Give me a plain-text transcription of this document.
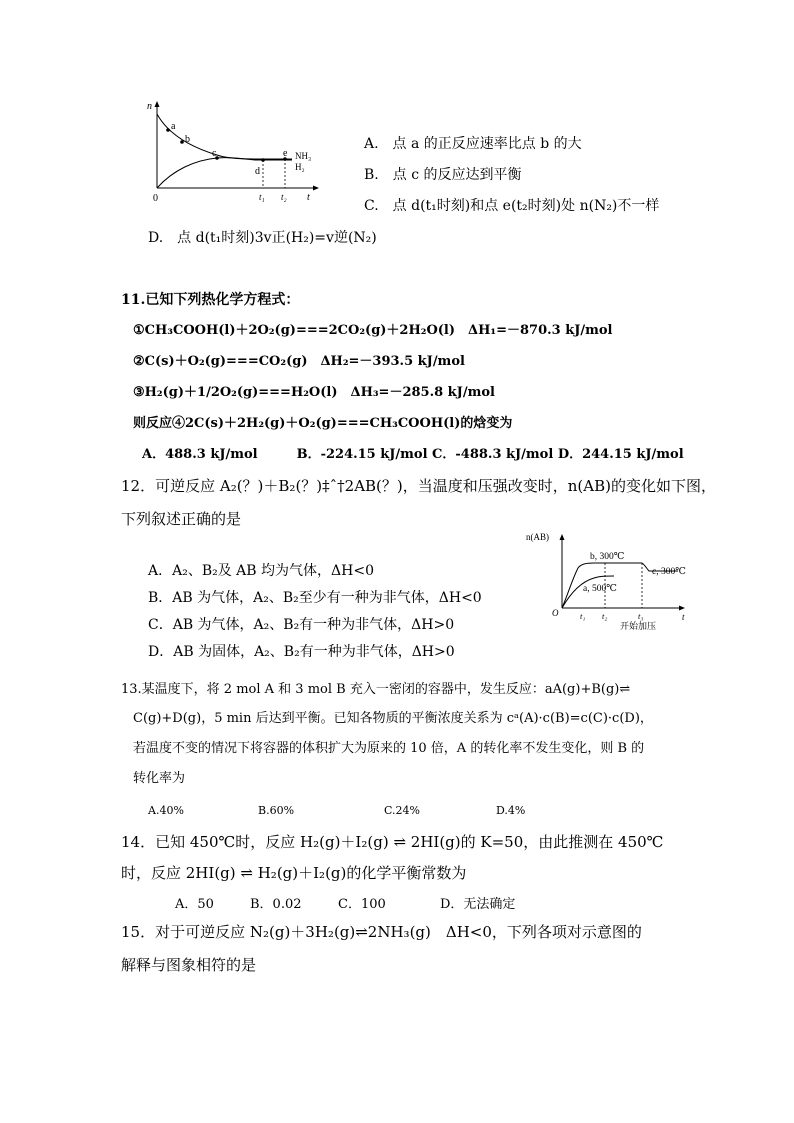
n
t
0
a
b
c
d
e NH₃
H₂
t₁ t₂
A.　点 a 的正反应速率比点 b 的大
B.　点 c 的反应达到平衡
C.　点 d(t₁时刻)和点 e(t₂时刻)处 n(N₂)不一样
D.　点 d(t₁时刻)3v正(H₂)=v逆(N₂)
11.已知下列热化学方程式：
①CH₃COOH(l)＋2O₂(g)===2CO₂(g)＋2H₂O(l)　ΔH₁=－870.3 kJ/mol
②C(s)＋O₂(g)===CO₂(g)　ΔH₂=－393.5 kJ/mol
③H₂(g)＋1/2O₂(g)===H₂O(l)　ΔH₃=－285.8 kJ/mol
则反应④2C(s)＋2H₂(g)＋O₂(g)===CH₃COOH(l)的焓变为
A．488.3 kJ/mol　　　B．-224.15 kJ/mol C．-488.3 kJ/mol D．244.15 kJ/mol
12．可逆反应 A₂(？)＋B₂(？)‡ˆ†2AB(？)，当温度和压强改变时，n(AB)的变化如下图，
下列叙述正确的是
A．A₂、B₂及 AB 均为气体，ΔH<0
B．AB 为气体，A₂、B₂至少有一种为非气体，ΔH<0
C．AB 为气体，A₂、B₂有一种为非气体，ΔH>0
D．AB 为固体，A₂、B₂有一种为非气体，ΔH>0
n(AB)
t
O
b, 300℃
a, 500℃
c, 300℃
t₁ t₂	t₃
开始加压
13.某温度下，将 2 mol A 和 3 mol B 充入一密闭的容器中，发生反应：aA(g)+B(g)⇌
C(g)+D(g)，5 min 后达到平衡。已知各物质的平衡浓度关系为 cᵃ(A)·c(B)=c(C)·c(D)，
若温度不变的情况下将容器的体积扩大为原来的 10 倍，A 的转化率不发生变化，则 B 的
转化率为
A.40%	B.60%	C.24%	D.4%
14．已知 450℃时，反应 H₂(g)＋I₂(g) ⇌ 2HI(g)的 K=50，由此推测在 450℃
时，反应 2HI(g) ⇌ H₂(g)＋I₂(g)的化学平衡常数为
A．50	B．0.02	C．100	D．无法确定
15．对于可逆反应 N₂(g)＋3H₂(g)⇌2NH₃(g)　ΔH<0，下列各项对示意图的
解释与图象相符的是
